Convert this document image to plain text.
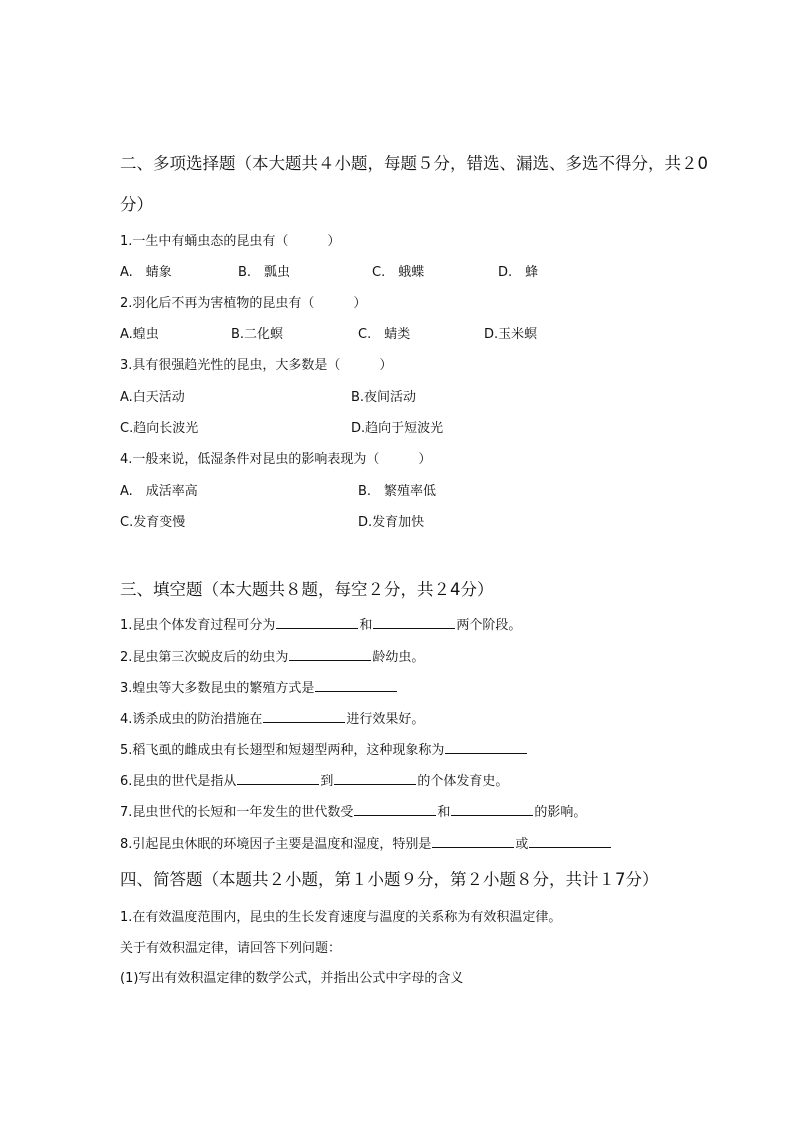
二、多项选择题（本大题共４小题，每题５分，错选、漏选、多选不得分，共２0
分）
1.一生中有蛹虫态的昆虫有（　　　）
A.　蜻象	B.　瓢虫	C.　蛾蝶	D.　蜂
2.羽化后不再为害植物的昆虫有（　　　）
A.蝗虫	B.二化螟	C.　蜻类	D.玉米螟
3.具有很强趋光性的昆虫，大多数是（　　　）
A.白天活动	B.夜间活动
C.趋向长波光	D.趋向于短波光
4.一般来说，低湿条件对昆虫的影响表现为（　　　）
A.　成活率高	B.　繁殖率低
C.发育变慢	D.发育加快
三、填空题（本大题共８题，每空２分，共２4分）
1.昆虫个体发育过程可分为	和	两个阶段。
2.昆虫第三次蜕皮后的幼虫为	龄幼虫。
3.蝗虫等大多数昆虫的繁殖方式是
4.诱杀成虫的防治措施在	进行效果好。
5.稻飞虱的雌成虫有长翅型和短翅型两种，这种现象称为
6.昆虫的世代是指从	到	的个体发育史。
7.昆虫世代的长短和一年发生的世代数受	和	的影响。
8.引起昆虫休眠的环境因子主要是温度和湿度，特别是	或
四、简答题（本题共２小题，第１小题９分，第２小题８分，共计１7分）
1.在有效温度范围内，昆虫的生长发育速度与温度的关系称为有效积温定律。
关于有效积温定律，请回答下列问题：
(1)写出有效积温定律的数学公式，并指出公式中字母的含义
